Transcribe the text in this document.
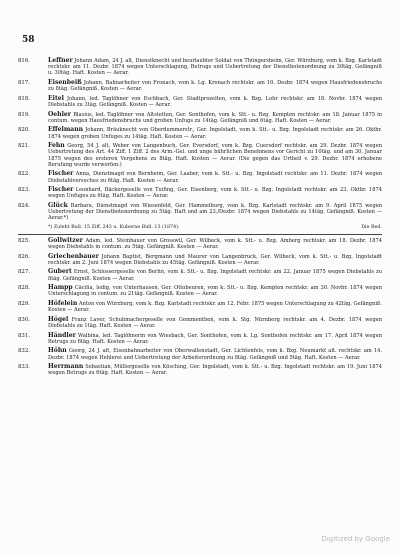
58
816.	Leffner Johann Adam, 24 J. alt, Dienstknecht und beurlaubter Soldat von Thüngersheim, Ger. Würzburg, vom k. Bzg. Karlstadt rechtskr. am 11. Dezbr. 1874 wegen Unterschlagung, Betrugs und Uebertretung der Dienstbotenordnung zu 30täg. Gefängniß u. 30täg. Haft. Kosten — Aerar.
817.	Eisenbeiß Johann, Bahnarbeiter von Fronach, vom k. Lg. Kronach rechtskr. am 10. Dezbr. 1874 wegen Hausfriedensbruchs zu 8täg. Gefängniß. Kosten — Aerar.
818.	Eitel Johann, led. Taglöhner von Eschbach, Ger. Stadtprozelten, vom k. Bzg. Lohr rechtskr. am 18. Novbr. 1874 wegen Diebstahls zu 3täg. Gefängniß. Kosten — Aerar.
819.	Oehler Blasius, led. Taglöhner von Altstetten, Ger. Sonthofen, vom k. Stt.- u. Bzg. Kempten rechtskr. am 18. Januar 1875 in contum. wegen Hausfriedensbruchs und groben Unfugs zu 14täg. Gefängniß und 6täg. Haft. Kosten — Aerar.
820.	Effelmann Johann, Bräuknecht von Oberdummerstr., Ger. Ingolstadt, vom k. Stt.- u. Bzg. Ingolstadt rechtskr. am 26. Oktbr. 1874 wegen groben Unfuges zu 14täg. Haft. Kosten — Aerar.
821.	Fehn Georg, 54 J. alt, Weber von Langenbuch, Ger. Eversdorf, vom k. Bzg. Cuersdorf rechtskr. am 29. Dezbr. 1874 wegen Uebertretung des Art. 44 Ziff. 1 Ziff. 2 des Arm.-Gel. und unge bührlichen Benehmens vor Gericht zu 10täg. und am 30. Januar 1875 wegen des ersteren Vergehens zu 8täg. Haft. Kosten — Aerar. (Die gegen das Urtheil v. 29. Dezbr. 1874 erhobene Berufung wurde verworfen.)
822.	Fischer Anna, Dienstmagd von Bernheim, Ger. Laaber, vom k. Stt.- u. Bzg. Ingolstadt rechtskr. am 11. Dezbr. 1874 wegen Diebstahlversuches zu 6täg. Haft. Kosten — Aerar.
823.	Fischer Leonhard, Bäckergeselle von Tuifing, Ger. Eisenberg, vom k. Stt.- u. Bzg. Ingolstadt rechtskr. am 23. Oktbr. 1874 wegen Unfuges zu 6täg. Haft. Kosten — Aerar.
824.	Glück Barbara, Dienstmagd von Wiesenfeld, Ger. Hammelburg, vom k. Bzg. Karlstadt rechtskr. am 9. April 1875 wegen Uebertretung der Dienstbotenordnung zu 5täg. Haft und am 23./Dezbr. 1874 wegen Diebstahls zu 14täg. Gefängniß. Kosten — Aerar.*)
*) Zuleht Bull. 15 Ziff. 243 u. Kuberne Bull. 13 (1874).	Die Red.
825.	Gollwitzer Adam, led. Steinhauer von Grosswil, Ger. Wilbeck, vom k. Stt.- u. Bzg. Amberg rechtskr. am 18. Dezbr. 1874 wegen Diebstahls in contum. zu 5täg. Gefängniß. Kosten — Aerar.
826.	Griechenbauer Johann Baptist, Bergmann und Maurer von Langenbruck, Ger. Wilbeck, vom k. Stt.- u. Bzg. Ingolstadt rechtskr. am 2. Juni 1874 wegen Diebstahls zu 45täg. Gefängniß. Kosten — Aerar.
827.	Gubert Ernst, Schlossergeselle von Berlin, vom k. Stt.- u. Bzg. Ingolstadt rechtskr. am 22. Januar 1875 wegen Diebstahls zu 8täg. Gefängniß. Kosten — Aerar.
828.	Hampp Cäcilia, ledig, von Unterhausen, Ger. Ottobeuren, vom k. Stt.- u. Bzg. Kempten rechtskr. am 30. Novbr. 1874 wegen Unterschlagung in contum. zu 21täg. Gefängniß. Kosten — Aerar.
829.	Höfelein Anton von Würzburg, vom k. Bzg. Karlstadt rechtskr. am 12. Febr. 1875 wegen Unterschlagung zu 42täg. Gefängniß. Kosten — Aerar.
830.	Högel Franz Laver, Schuhmachergeselle von Gemmenthen, vom k. Stg. Nürnberg rechtskr. am 4. Dezbr. 1874 wegen Diebstahls zu 1täg. Haft. Kosten — Aerar.
831.	Händler Walbina, led. Taglöhnerin von Wiesbach, Ger. Sonthofen, vom k. Lg. Sonthofen rechtskr. am 17. April 1874 wegen Betrugs zu 6täg. Haft. Kosten — Aerar.
832.	Höhn Georg, 24 J. alt, Eisenbahnarbeiter von Oberwallenstadt, Ger. Lichtenfels, vom k. Bzg. Neumarkt alt. rechtskr. am 14. Dezbr. 1874 wegen Hehlerei und Uebertretung der Arbeiterordnung zu 8täg. Gefängniß und 5täg. Haft. Kosten — Aerar.
833.	Herrmann Sebastian, Müllergeselle von Kösching, Ger. Ingolstadt, vom k. Stt.- u. Bzg. Ingolstadt rechtskr. am 19. Juni 1874 wegen Betrugs zu 6täg. Haft. Kosten — Aerar.
Digitized by Google
